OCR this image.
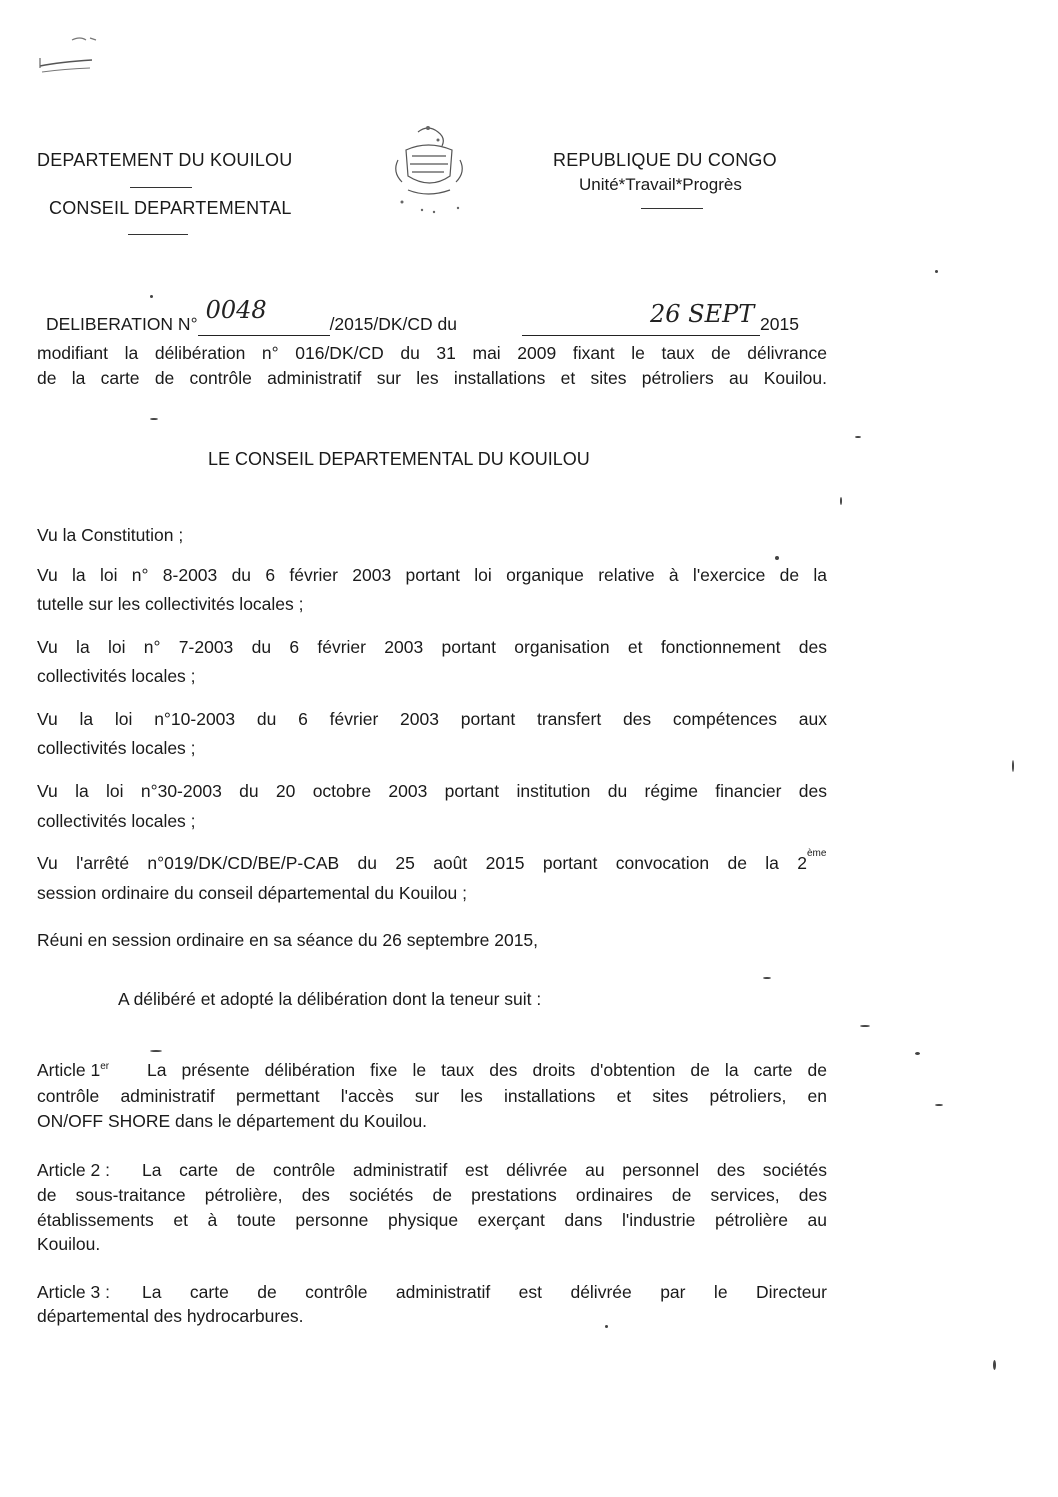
DEPARTEMENT DU KOUILOU
CONSEIL DEPARTEMENTAL
REPUBLIQUE DU CONGO
Unité*Travail*Progrès
DELIBERATION N° 0048	/2015/DK/CD du	26 SEPT 2015
modifiant la délibération n° 016/DK/CD du 31 mai 2009 fixant le taux de délivrance
de la carte de contrôle administratif sur les installations et sites pétroliers au Kouilou.
LE CONSEIL DEPARTEMENTAL DU KOUILOU
Vu la Constitution ;
Vu la loi n° 8-2003 du 6 février 2003 portant loi organique relative à l'exercice de la
tutelle sur les collectivités locales ;
Vu la loi n° 7-2003 du 6 février 2003 portant organisation et fonctionnement des
collectivités locales ;
Vu la loi n°10-2003 du 6 février 2003 portant transfert des compétences aux
collectivités locales ;
Vu la loi n°30-2003 du 20 octobre 2003 portant institution du régime financier des
collectivités locales ;
Vu l'arrêté n°019/DK/CD/BE/P-CAB du 25 août 2015 portant convocation de la 2ème
session ordinaire du conseil départemental du Kouilou ;
Réuni en session ordinaire en sa séance du 26 septembre 2015,
A délibéré et adopté la délibération dont la teneur suit :
Article 1er La présente délibération fixe le taux des droits d'obtention de la carte de
contrôle administratif permettant l'accès sur les installations et sites pétroliers, en
ON/OFF SHORE dans le département du Kouilou.
Article 2 : La carte de contrôle administratif est délivrée au personnel des sociétés
de sous-traitance pétrolière, des sociétés de prestations ordinaires de services, des
établissements et à toute personne physique exerçant dans l'industrie pétrolière au
Kouilou.
Article 3 : La carte de contrôle administratif est délivrée par le Directeur
départemental des hydrocarbures.
